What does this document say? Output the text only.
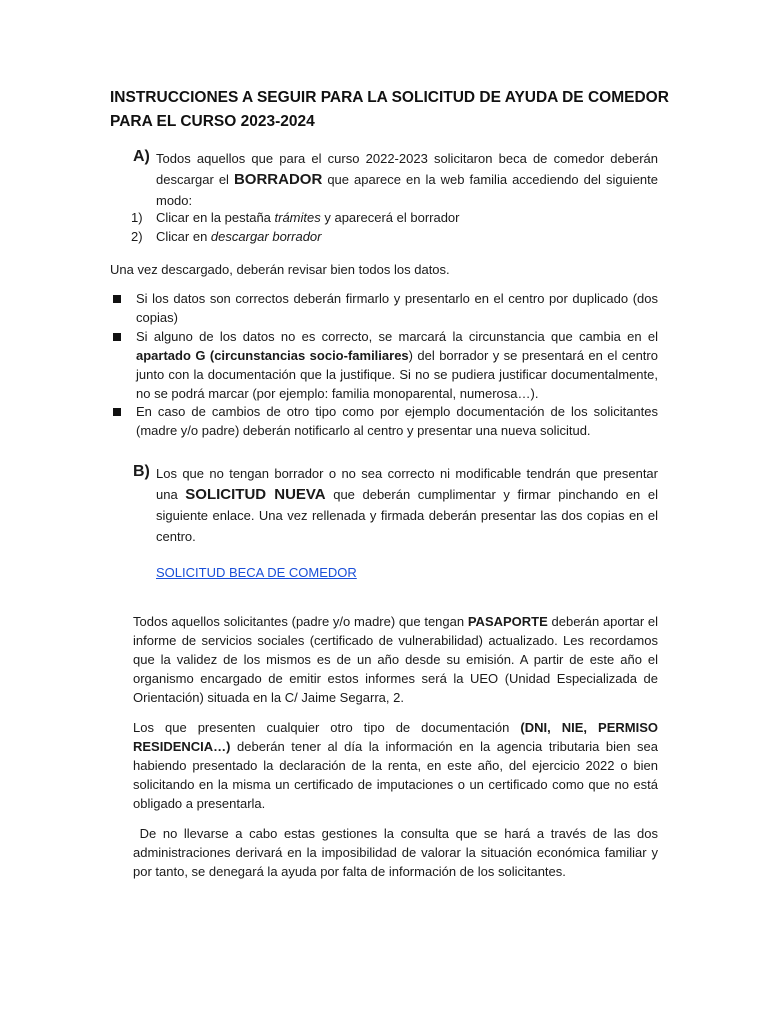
INSTRUCCIONES A SEGUIR PARA LA SOLICITUD DE AYUDA DE COMEDOR PARA EL CURSO 2023-2024
A) Todos aquellos que para el curso 2022-2023 solicitaron beca de comedor deberán descargar el BORRADOR que aparece en la web familia accediendo del siguiente modo:
1) Clicar en la pestaña trámites y aparecerá el borrador
2) Clicar en descargar borrador
Una vez descargado, deberán revisar bien todos los datos.
Si los datos son correctos deberán firmarlo y presentarlo en el centro por duplicado (dos copias)
Si alguno de los datos no es correcto, se marcará la circunstancia que cambia en el apartado G (circunstancias socio-familiares) del borrador y se presentará en el centro junto con la documentación que la justifique. Si no se pudiera justificar documentalmente, no se podrá marcar (por ejemplo: familia monoparental, numerosa…).
En caso de cambios de otro tipo como por ejemplo documentación de los solicitantes (madre y/o padre) deberán notificarlo al centro y presentar una nueva solicitud.
B) Los que no tengan borrador o no sea correcto ni modificable tendrán que presentar una SOLICITUD NUEVA que deberán cumplimentar y firmar pinchando en el siguiente enlace. Una vez rellenada y firmada deberán presentar las dos copias en el centro.
SOLICITUD BECA DE COMEDOR
Todos aquellos solicitantes (padre y/o madre) que tengan PASAPORTE deberán aportar el informe de servicios sociales (certificado de vulnerabilidad) actualizado. Les recordamos que la validez de los mismos es de un año desde su emisión. A partir de este año el organismo encargado de emitir estos informes será la UEO (Unidad Especializada de Orientación) situada en la C/ Jaime Segarra, 2.
Los que presenten cualquier otro tipo de documentación (DNI, NIE, PERMISO RESIDENCIA…) deberán tener al día la información en la agencia tributaria bien sea habiendo presentado la declaración de la renta, en este año, del ejercicio 2022 o bien solicitando en la misma un certificado de imputaciones o un certificado como que no está obligado a presentarla.
De no llevarse a cabo estas gestiones la consulta que se hará a través de las dos administraciones derivará en la imposibilidad de valorar la situación económica familiar y por tanto, se denegará la ayuda por falta de información de los solicitantes.
